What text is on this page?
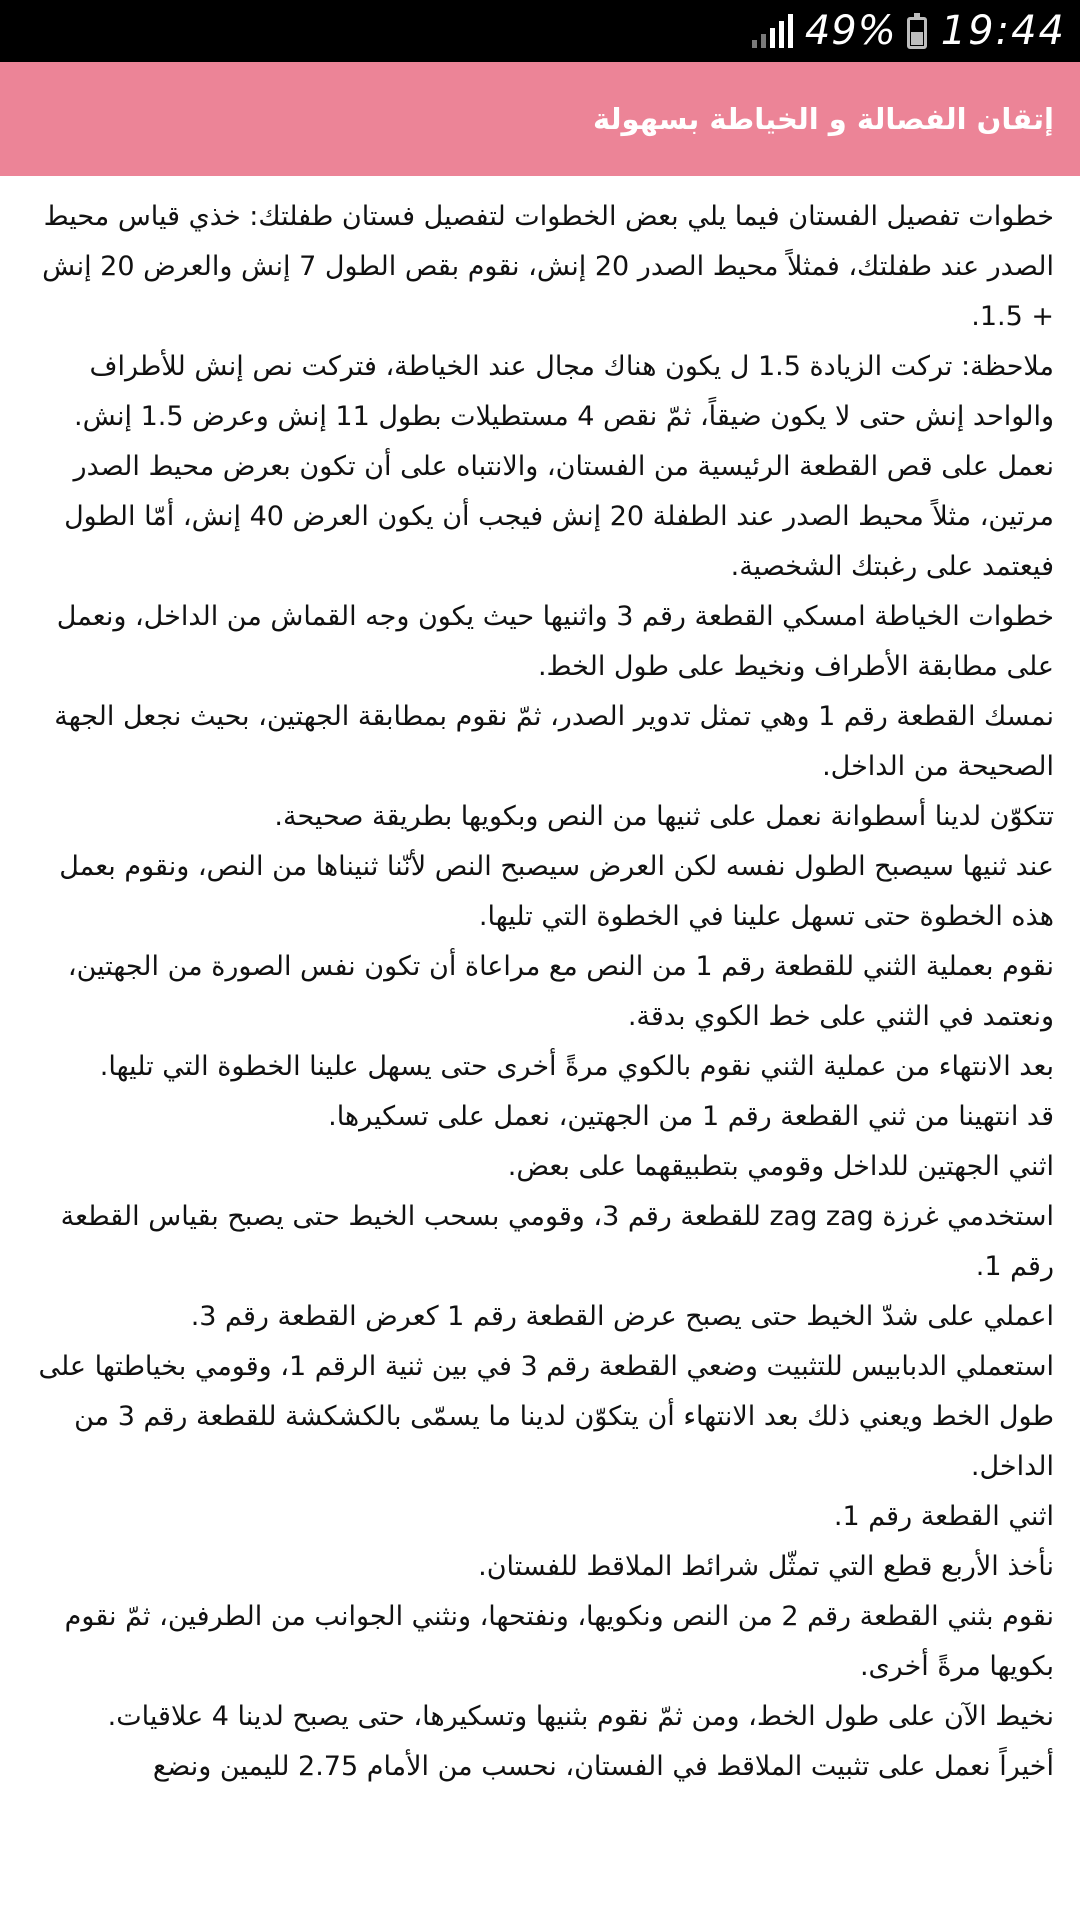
49% 19:44
إتقان الفصالة و الخياطة بسهولة

خطوات تفصيل الفستان فيما يلي بعض الخطوات لتفصيل فستان طفلتك: خذي قياس محيط الصدر عند طفلتك، فمثلاً محيط الصدر 20 إنش، نقوم بقص الطول 7 إنش والعرض 20 إنش + 1.5.

ملاحظة: تركت الزيادة 1.5 ل يكون هناك مجال عند الخياطة، فتركت نص إنش للأطراف والواحد إنش حتى لا يكون ضيقاً، ثمّ نقص 4 مستطيلات بطول 11 إنش وعرض 1.5 إنش.

نعمل على قص القطعة الرئيسية من الفستان، والانتباه على أن تكون بعرض محيط الصدر مرتين، مثلاً محيط الصدر عند الطفلة 20 إنش فيجب أن يكون العرض 40 إنش، أمّا الطول فيعتمد على رغبتك الشخصية.

خطوات الخياطة امسكي القطعة رقم 3 واثنيها حيث يكون وجه القماش من الداخل، ونعمل على مطابقة الأطراف ونخيط على طول الخط.

نمسك القطعة رقم 1 وهي تمثل تدوير الصدر، ثمّ نقوم بمطابقة الجهتين، بحيث نجعل الجهة الصحيحة من الداخل.

تتكوّن لدينا أسطوانة نعمل على ثنيها من النص وبكويها بطريقة صحيحة.

عند ثنيها سيصبح الطول نفسه لكن العرض سيصبح النص لأنّنا ثنيناها من النص، ونقوم بعمل هذه الخطوة حتى تسهل علينا في الخطوة التي تليها.

نقوم بعملية الثني للقطعة رقم 1 من النص مع مراعاة أن تكون نفس الصورة من الجهتين، ونعتمد في الثني على خط الكوي بدقة.

بعد الانتهاء من عملية الثني نقوم بالكوي مرةً أخرى حتى يسهل علينا الخطوة التي تليها.

قد انتهينا من ثني القطعة رقم 1 من الجهتين، نعمل على تسكيرها.

اثني الجهتين للداخل وقومي بتطبيقهما على بعض.

استخدمي غرزة zag zag للقطعة رقم 3، وقومي بسحب الخيط حتى يصبح بقياس القطعة رقم 1.

اعملي على شدّ الخيط حتى يصبح عرض القطعة رقم 1 كعرض القطعة رقم 3.

استعملي الدبابيس للتثبيت وضعي القطعة رقم 3 في بين ثنية الرقم 1، وقومي بخياطتها على طول الخط ويعني ذلك بعد الانتهاء أن يتكوّن لدينا ما يسمّى بالكشكشة للقطعة رقم 3 من الداخل.

اثني القطعة رقم 1.

نأخذ الأربع قطع التي تمثّل شرائط الملاقط للفستان.

نقوم بثني القطعة رقم 2 من النص ونكويها، ونفتحها، ونثني الجوانب من الطرفين، ثمّ نقوم بكويها مرةً أخرى.

نخيط الآن على طول الخط، ومن ثمّ نقوم بثنيها وتسكيرها، حتى يصبح لدينا 4 علاقيات.

أخيراً نعمل على تثبيت الملاقط في الفستان، نحسب من الأمام 2.75 لليمين ونضع
